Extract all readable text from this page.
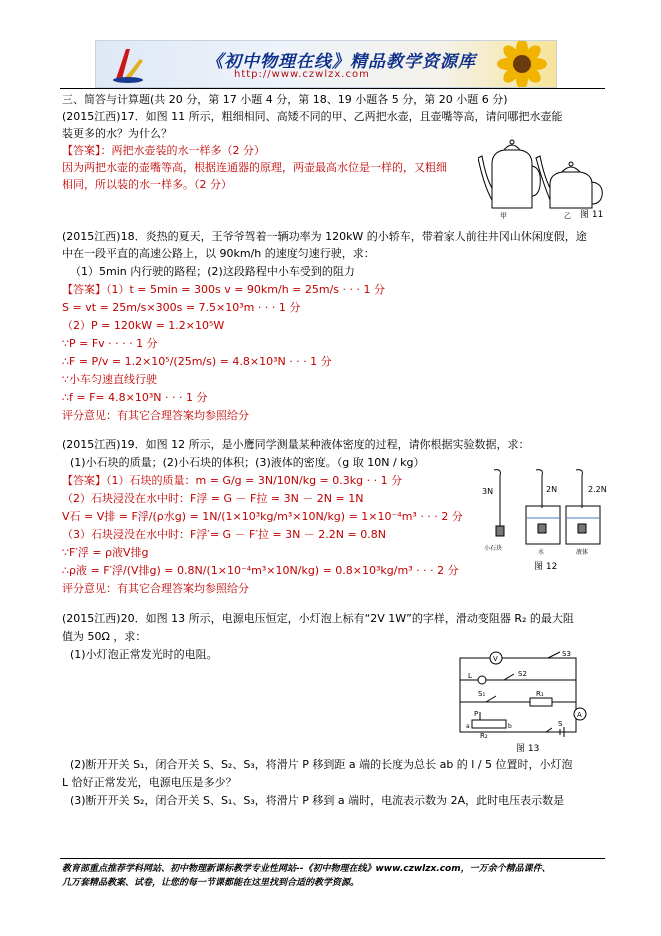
《初中物理在线》精品教学资源库
http://www.czwlzx.com
三、简答与计算题(共 20 分，第 17 小题 4 分，第 18、19 小题各 5 分，第 20 小题 6 分)
(2015江西)17．如图 11 所示，粗细相同、高矮不同的甲、乙两把水壶，且壶嘴等高，请问哪把水壶能
装更多的水？为什么？
【答案】：两把水壶装的水一样多（2 分）
因为两把水壶的壶嘴等高，根据连通器的原理，两壶最高水位是一样的，又粗细
相同，所以装的水一样多。（2 分）
甲	乙 图 11
(2015江西)18．炎热的夏天，王爷爷驾着一辆功率为 120kW 的小轿车，带着家人前往井冈山休闲度假，途
中在一段平直的高速公路上，以 90km/h 的速度匀速行驶，求：
（1）5min 内行驶的路程；(2)这段路程中小车受到的阻力
【答案】（1）t = 5min = 300s v = 90km/h = 25m/s · · · 1 分
S = vt = 25m/s×300s = 7.5×10³m · · · 1 分
（2）P = 120kW = 1.2×10⁵W
∵P = Fv · · · · 1 分
∴F = P/v = 1.2×10⁵/(25m/s) = 4.8×10³N · · · 1 分
∵小车匀速直线行驶
∴f = F= 4.8×10³N · · · 1 分
评分意见：有其它合理答案均参照给分
(2015江西)19．如图 12 所示，是小鹰同学测量某种液体密度的过程，请你根据实验数据，求：
(1)小石块的质量；(2)小石块的体积；(3)液体的密度。（g 取 10N / kg）
【答案】（1）石块的质量：m = G/g = 3N/10N/kg = 0.3kg · · 1 分
（2）石块浸没在水中时：F浮 = G － F拉 = 3N － 2N = 1N
V石 = V排 = F浮/(ρ水g) = 1N/(1×10³kg/m³×10N/kg) = 1×10⁻⁴m³ · · · 2 分
（3）石块浸没在水中时：F浮′= G － F′拉 = 3N － 2.2N = 0.8N
∵F′浮 = ρ液V排g
∴ρ液 = F′浮/(V排g) = 0.8N/(1×10⁻⁴m³×10N/kg) = 0.8×10³kg/m³ · · · 2 分
评分意见：有其它合理答案均参照给分
3N	2N	2.2N
小石块
水	液体
图 12
(2015江西)20．如图 13 所示，电源电压恒定，小灯泡上标有“2V 1W”的字样，滑动变阻器 R₂ 的最大阻
值为 50Ω ，求：
(1)小灯泡正常发光时的电阻。	V
A
L	S2
S3
S₁	R₁
P
R₂
a	b	S
图 13
(2)断开开关 S₁，闭合开关 S、S₂、S₃，将滑片 P 移到距 a 端的长度为总长 ab 的 l / 5 位置时，小灯泡
L 恰好正常发光，电源电压是多少？
(3)断开开关 S₂，闭合开关 S、S₁、S₃，将滑片 P 移到 a 端时，电流表示数为 2A，此时电压表示数是
教育部重点推荐学科网站、初中物理新课标教学专业性网站--《初中物理在线》www.czwlzx.com，一万余个精品课件、
几万套精品教案、试卷，让您的每一节课都能在这里找到合适的教学资源。
